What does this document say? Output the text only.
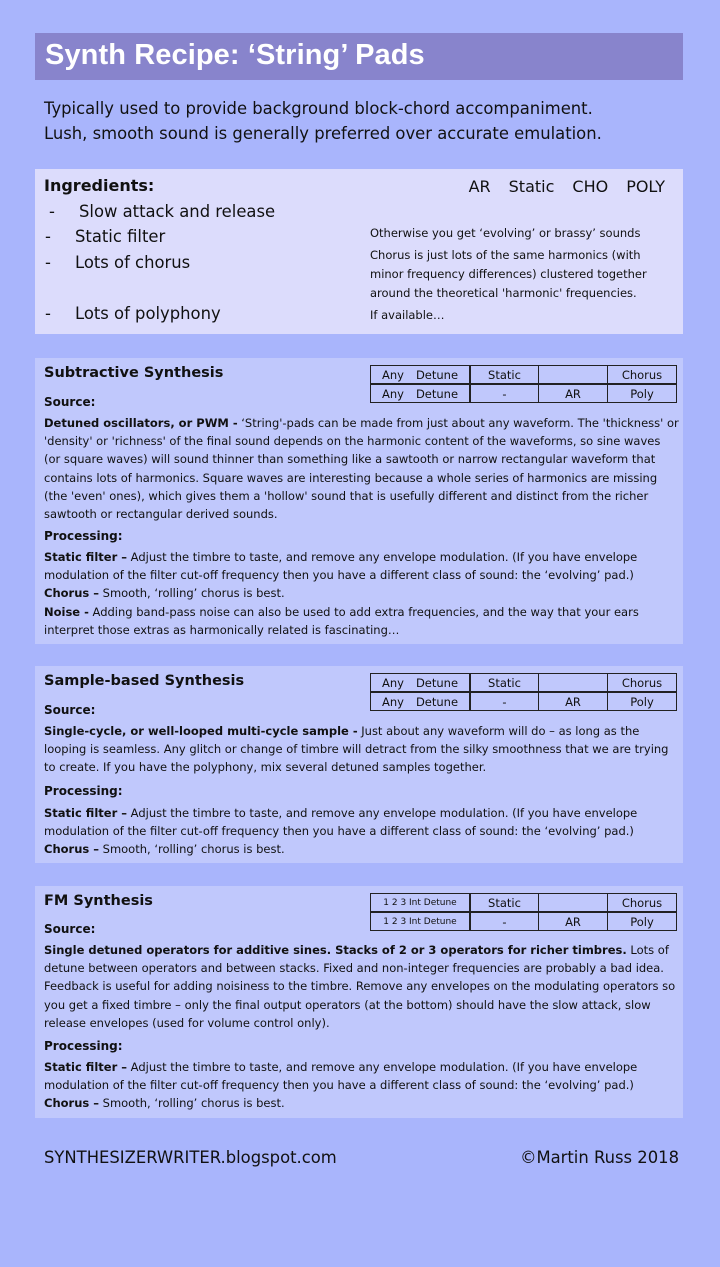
Synth Recipe: ‘String’ Pads

Typically used to provide background block-chord accompaniment.

Lush, smooth sound is generally preferred over accurate emulation.

Ingredients:	AR Static CHO POLY
- Slow attack and release
- Static filter
- Lots of chorus
- Lots of polyphony
Otherwise you get ‘evolving’ or brassy’ sounds
Chorus is just lots of the same harmonics (with minor frequency differences) clustered together around the theoretical 'harmonic' frequencies.
If available…
Subtractive Synthesis	Any Detune	Static		Chorus
Any Detune	-	AR	Poly
Source:

Detuned oscillators, or PWM - ‘String'-pads can be made from just about any waveform. The 'thickness' or 'density' or 'richness' of the final sound depends on the harmonic content of the waveforms, so sine waves (or square waves) will sound thinner than something like a sawtooth or narrow rectangular waveform that contains lots of harmonics. Square waves are interesting because a whole series of harmonics are missing (the 'even' ones), which gives them a 'hollow' sound that is usefully different and distinct from the richer sawtooth or rectangular derived sounds.

Processing:

Static filter – Adjust the timbre to taste, and remove any envelope modulation. (If you have envelope modulation of the filter cut-off frequency then you have a different class of sound: the ‘evolving’ pad.)

Chorus – Smooth, ‘rolling’ chorus is best.

Noise - Adding band-pass noise can also be used to add extra frequencies, and the way that your ears interpret those extras as harmonically related is fascinating…

Sample-based Synthesis	Any Detune	Static		Chorus
Any Detune	-	AR	Poly
Source:

Single-cycle, or well-looped multi-cycle sample - Just about any waveform will do – as long as the looping is seamless. Any glitch or change of timbre will detract from the silky smoothness that we are trying to create. If you have the polyphony, mix several detuned samples together.

Processing:

Static filter – Adjust the timbre to taste, and remove any envelope modulation. (If you have envelope modulation of the filter cut-off frequency then you have a different class of sound: the ‘evolving’ pad.)

Chorus – Smooth, ‘rolling’ chorus is best.

FM Synthesis	1 2 3 Int Detune	Static		Chorus
1 2 3 Int Detune	-	AR	Poly
Source:

Single detuned operators for additive sines. Stacks of 2 or 3 operators for richer timbres. Lots of detune between operators and between stacks. Fixed and non-integer frequencies are probably a bad idea. Feedback is useful for adding noisiness to the timbre. Remove any envelopes on the modulating operators so you get a fixed timbre – only the final output operators (at the bottom) should have the slow attack, slow release envelopes (used for volume control only).

Processing:

Static filter – Adjust the timbre to taste, and remove any envelope modulation. (If you have envelope modulation of the filter cut-off frequency then you have a different class of sound: the ‘evolving’ pad.)

Chorus – Smooth, ‘rolling’ chorus is best.

SYNTHESIZERWRITER.blogspot.com	©Martin Russ 2018
